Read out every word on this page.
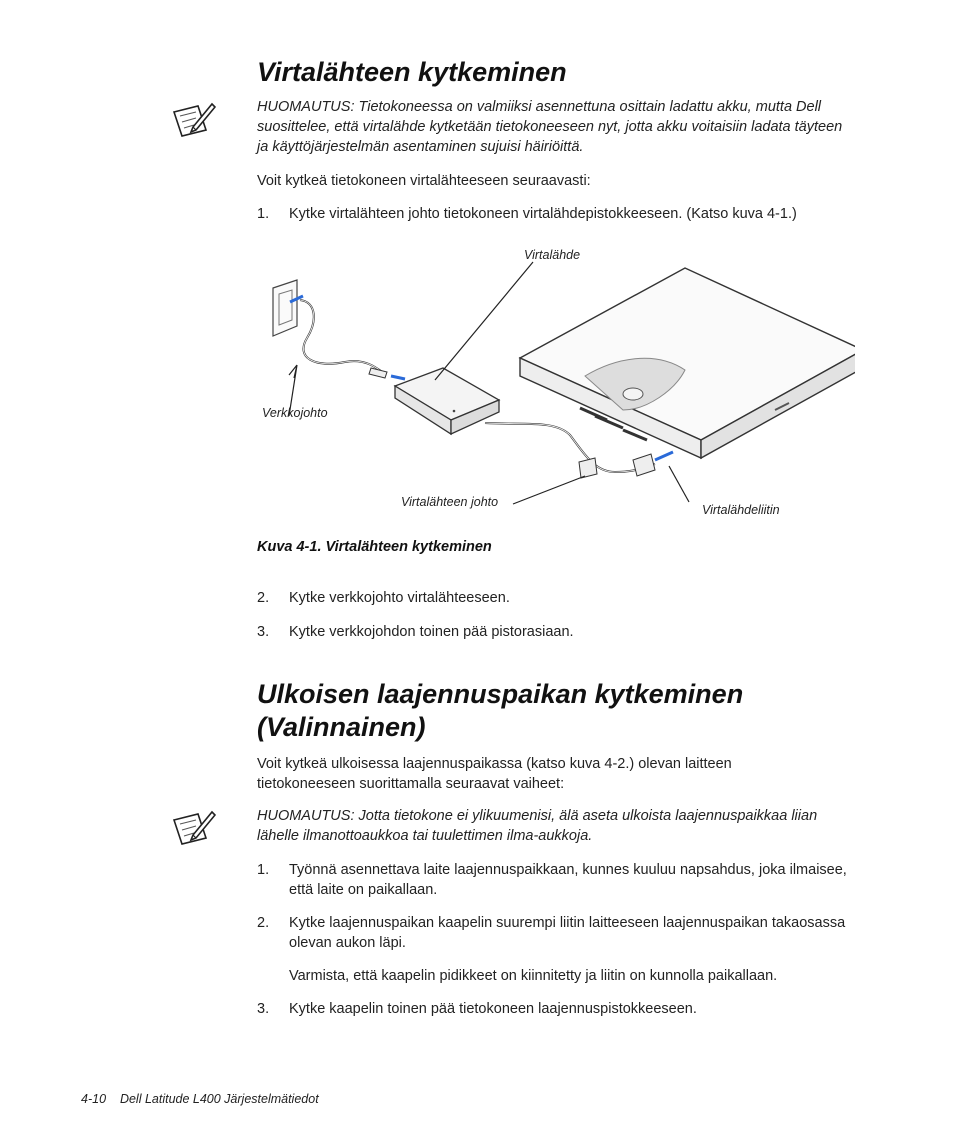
Virtalähteen kytkeminen
HUOMAUTUS: Tietokoneessa on valmiiksi asennettuna osittain ladattu akku, mutta Dell suosittelee, että virtalähde kytketään tietokoneeseen nyt, jotta akku voitaisiin ladata täyteen ja käyttöjärjestelmän asentaminen sujuisi häiriöittä.
Voit kytkeä tietokoneen virtalähteeseen seuraavasti:
1. Kytke virtalähteen johto tietokoneen virtalähdepistokkeeseen. (Katso kuva 4-1.)
Virtalähde
Verkkojohto
Virtalähteen johto
Virtalähdeliitin
Kuva 4-1. Virtalähteen kytkeminen
2. Kytke verkkojohto virtalähteeseen.
3. Kytke verkkojohdon toinen pää pistorasiaan.
Ulkoisen laajennuspaikan kytkeminen
(Valinnainen)
Voit kytkeä ulkoisessa laajennuspaikassa (katso kuva 4-2.) olevan laitteen tietokoneeseen suorittamalla seuraavat vaiheet:
HUOMAUTUS: Jotta tietokone ei ylikuumenisi, älä aseta ulkoista laajennuspaikkaa liian lähelle ilmanottoaukkoa tai tuulettimen ilma-aukkoja.
1. Työnnä asennettava laite laajennuspaikkaan, kunnes kuuluu napsahdus, joka ilmaisee, että laite on paikallaan.
2. Kytke laajennuspaikan kaapelin suurempi liitin laitteeseen laajennuspaikan takaosassa olevan aukon läpi.
Varmista, että kaapelin pidikkeet on kiinnitetty ja liitin on kunnolla paikallaan.
3. Kytke kaapelin toinen pää tietokoneen laajennuspistokkeeseen.
4-10 Dell Latitude L400 Järjestelmätiedot
